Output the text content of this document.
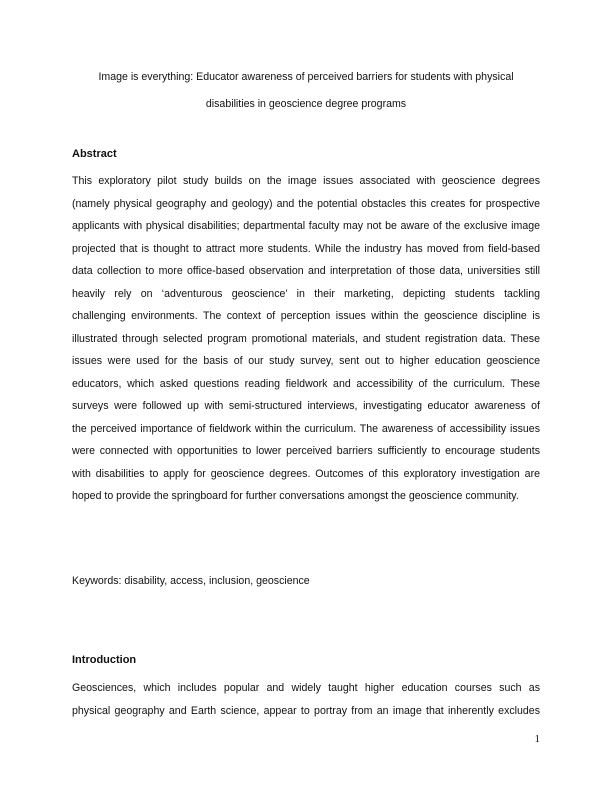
Image is everything: Educator awareness of perceived barriers for students with physical
disabilities in geoscience degree programs
Abstract
This exploratory pilot study builds on the image issues associated with geoscience degrees
(namely physical geography and geology) and the potential obstacles this creates for prospective
applicants with physical disabilities; departmental faculty may not be aware of the exclusive image
projected that is thought to attract more students. While the industry has moved from field-based
data collection to more office-based observation and interpretation of those data, universities still
heavily rely on ‘adventurous geoscience’ in their marketing, depicting students tackling
challenging environments. The context of perception issues within the geoscience discipline is
illustrated through selected program promotional materials, and student registration data. These
issues were used for the basis of our study survey, sent out to higher education geoscience
educators, which asked questions reading fieldwork and accessibility of the curriculum. These
surveys were followed up with semi-structured interviews, investigating educator awareness of
the perceived importance of fieldwork within the curriculum. The awareness of accessibility issues
were connected with opportunities to lower perceived barriers sufficiently to encourage students
with disabilities to apply for geoscience degrees. Outcomes of this exploratory investigation are
hoped to provide the springboard for further conversations amongst the geoscience community.
Keywords: disability, access, inclusion, geoscience
Introduction
Geosciences, which includes popular and widely taught higher education courses such as
physical geography and Earth science, appear to portray from an image that inherently excludes
1
